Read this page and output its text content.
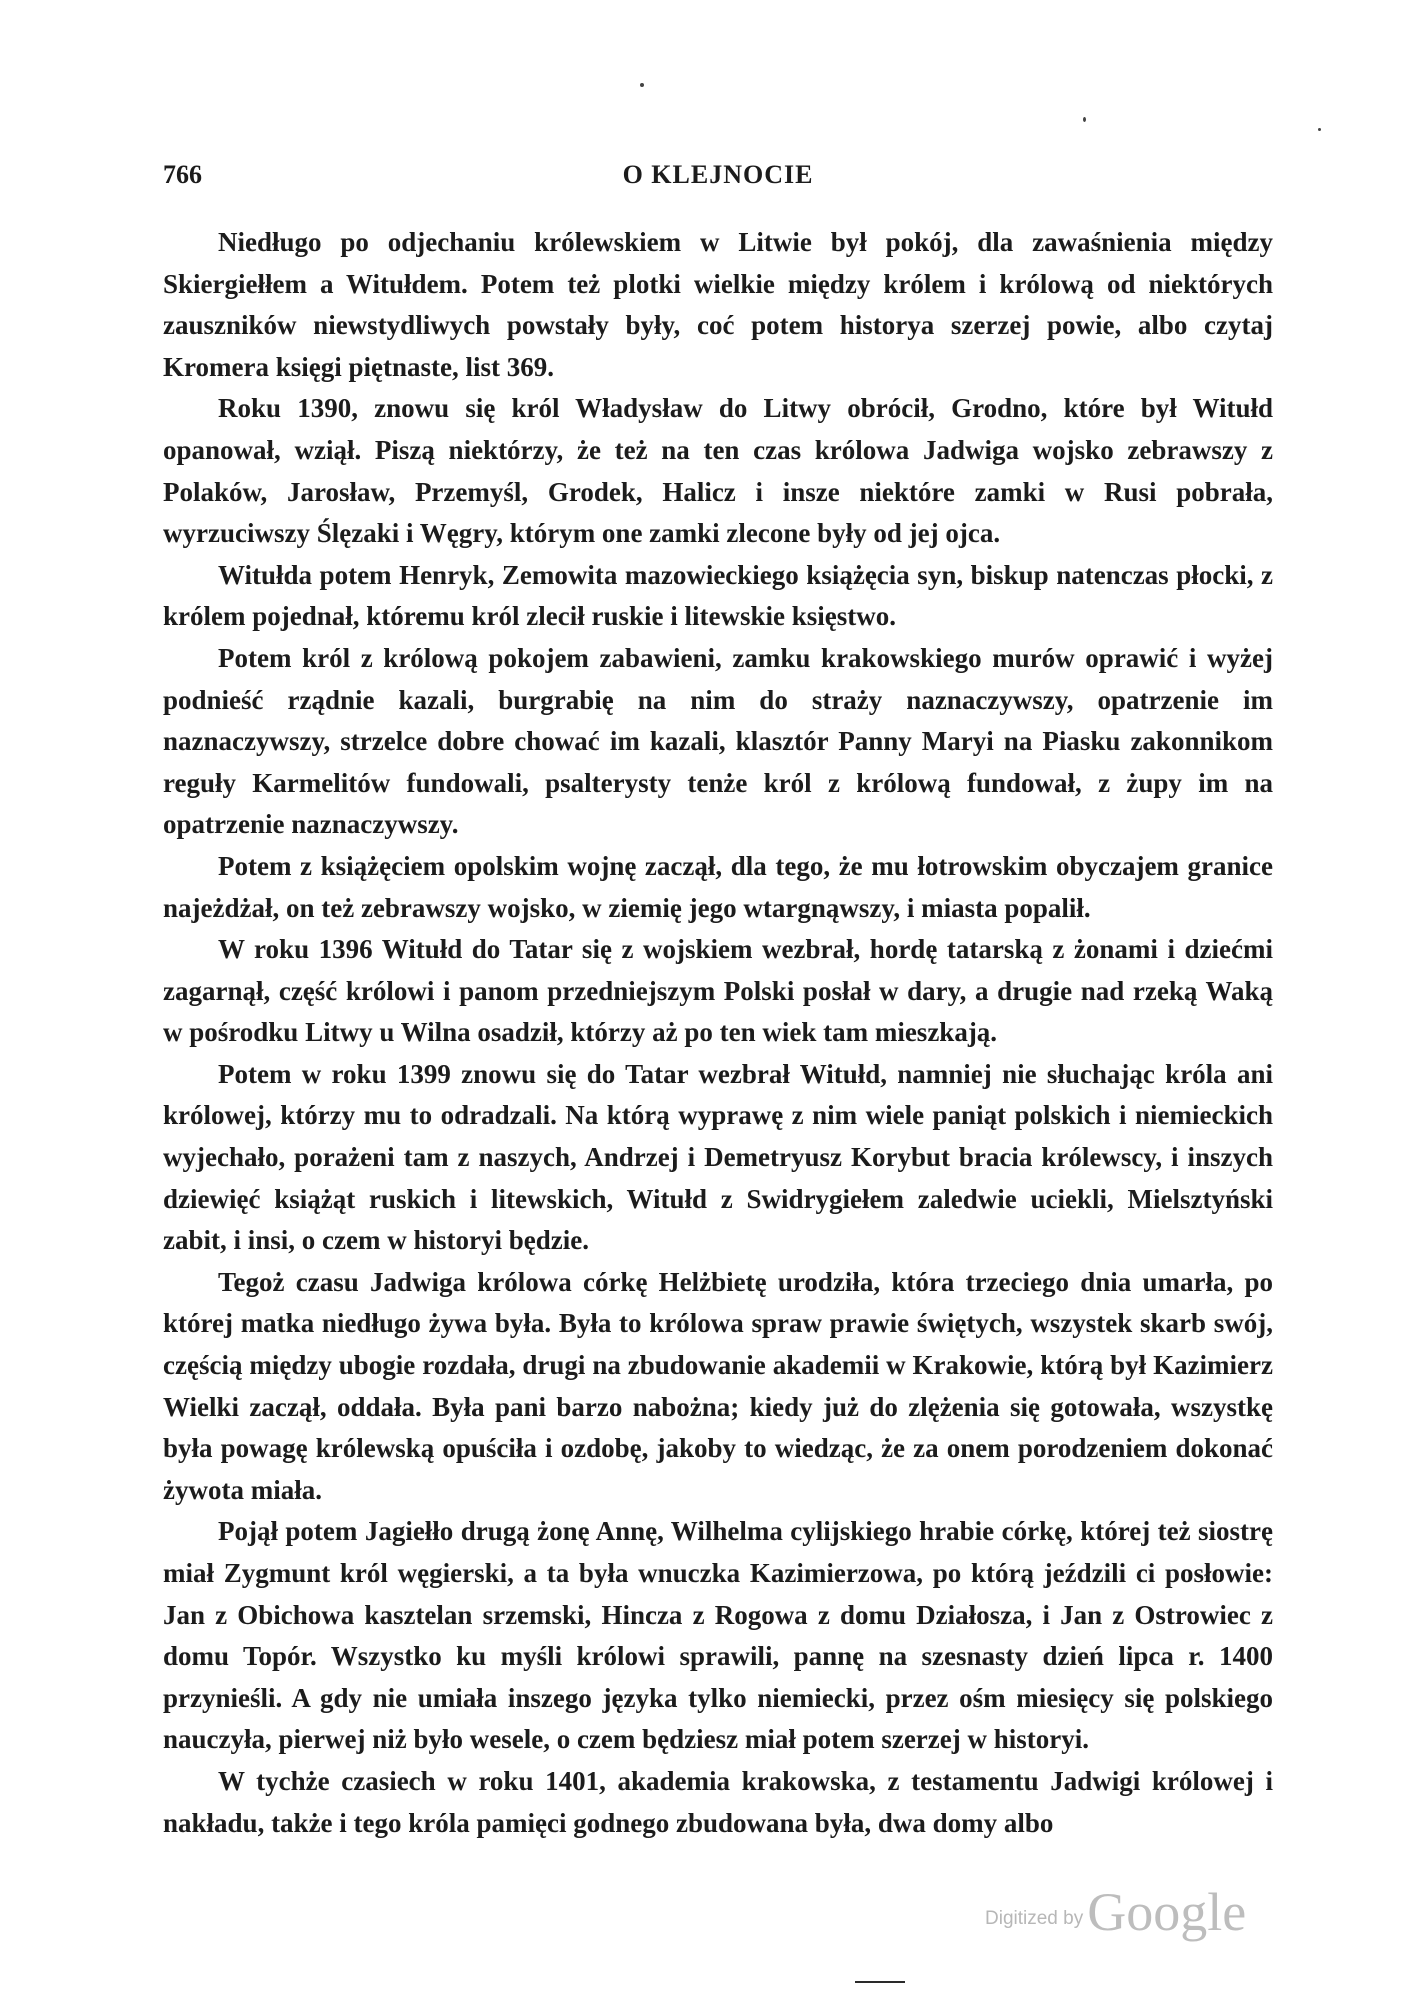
766	O KLEJNOCIE

Niedługo po odjechaniu królewskiem w Litwie był pokój, dla zawaśnienia między Skiergiełłem a Witułdem. Potem też plotki wielkie między królem i królową od niektórych zauszników niewstydliwych powstały były, coć potem historya szerzej powie, albo czytaj Kromera księgi piętnaste, list 369.

Roku 1390, znowu się król Władysław do Litwy obrócił, Grodno, które był Witułd opanował, wziął. Piszą niektórzy, że też na ten czas królowa Jadwiga wojsko zebrawszy z Polaków, Jarosław, Przemyśl, Grodek, Halicz i insze niektóre zamki w Rusi pobrała, wyrzuciwszy Ślęzaki i Węgry, którym one zamki zlecone były od jej ojca.

Witułda potem Henryk, Zemowita mazowieckiego książęcia syn, biskup natenczas płocki, z królem pojednał, któremu król zlecił ruskie i litewskie księstwo.

Potem król z królową pokojem zabawieni, zamku krakowskiego murów oprawić i wyżej podnieść rządnie kazali, burgrabię na nim do straży naznaczywszy, opatrzenie im naznaczywszy, strzelce dobre chować im kazali, klasztór Panny Maryi na Piasku zakonnikom reguły Karmelitów fundowali, psalterysty tenże król z królową fundował, z żupy im na opatrzenie naznaczywszy.

Potem z książęciem opolskim wojnę zaczął, dla tego, że mu łotrowskim obyczajem granice najeżdżał, on też zebrawszy wojsko, w ziemię jego wtargnąwszy, i miasta popalił.

W roku 1396 Witułd do Tatar się z wojskiem wezbrał, hordę tatarską z żonami i dziećmi zagarnął, część królowi i panom przedniejszym Polski posłał w dary, a drugie nad rzeką Waką w pośrodku Litwy u Wilna osadził, którzy aż po ten wiek tam mieszkają.

Potem w roku 1399 znowu się do Tatar wezbrał Witułd, namniej nie słuchając króla ani królowej, którzy mu to odradzali. Na którą wyprawę z nim wiele paniąt polskich i niemieckich wyjechało, porażeni tam z naszych, Andrzej i Demetryusz Korybut bracia królewscy, i inszych dziewięć książąt ruskich i litewskich, Witułd z Swidrygiełem zaledwie uciekli, Mielsztyński zabit, i insi, o czem w historyi będzie.

Tegoż czasu Jadwiga królowa córkę Helżbietę urodziła, która trzeciego dnia umarła, po której matka niedługo żywa była. Była to królowa spraw prawie świętych, wszystek skarb swój, częścią między ubogie rozdała, drugi na zbudowanie akademii w Krakowie, którą był Kazimierz Wielki zaczął, oddała. Była pani barzo nabożna; kiedy już do zlężenia się gotowała, wszystkę była powagę królewską opuściła i ozdobę, jakoby to wiedząc, że za onem porodzeniem dokonać żywota miała.

Pojął potem Jagiełło drugą żonę Annę, Wilhelma cylijskiego hrabie córkę, której też siostrę miał Zygmunt król węgierski, a ta była wnuczka Kazimierzowa, po którą jeździli ci posłowie: Jan z Obichowa kasztelan srzemski, Hincza z Rogowa z domu Działosza, i Jan z Ostrowiec z domu Topór. Wszystko ku myśli królowi sprawili, pannę na szesnasty dzień lipca r. 1400 przynieśli. A gdy nie umiała inszego języka tylko niemiecki, przez ośm miesięcy się polskiego nauczyła, pierwej niż było wesele, o czem będziesz miał potem szerzej w historyi.

W tychże czasiech w roku 1401, akademia krakowska, z testamentu Jadwigi królowej i nakładu, także i tego króla pamięci godnego zbudowana była, dwa domy albo

Digitized by Google
